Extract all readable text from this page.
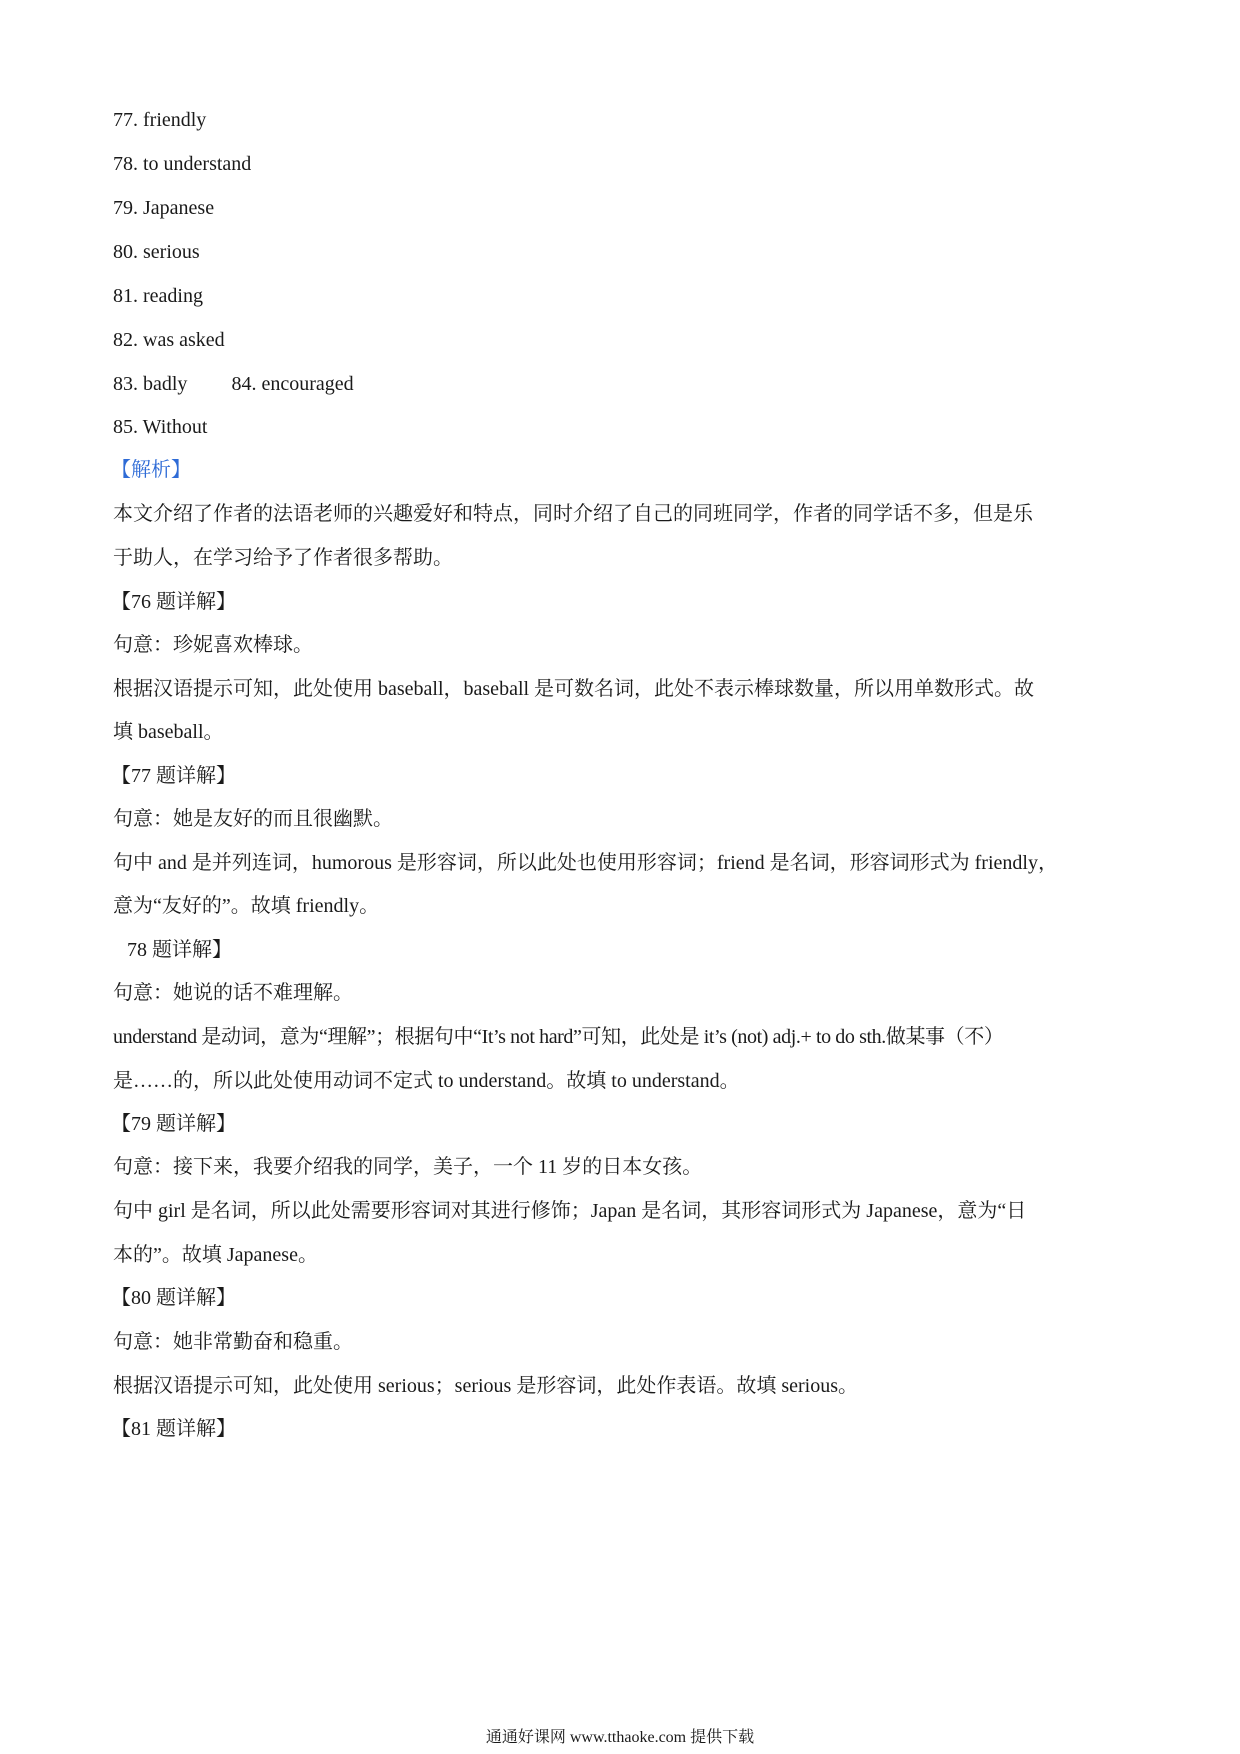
77. friendly
78. to understand
79. Japanese
80. serious
81. reading
82. was asked
83. badly 84. encouraged
85. Without
【解析】
本文介绍了作者的法语老师的兴趣爱好和特点，同时介绍了自己的同班同学，作者的同学话不多，但是乐
于助人，在学习给予了作者很多帮助。
【76 题详解】
句意：珍妮喜欢棒球。
根据汉语提示可知，此处使用 baseball，baseball 是可数名词，此处不表示棒球数量，所以用单数形式。故
填 baseball。
【77 题详解】
句意：她是友好的而且很幽默。
句中 and 是并列连词，humorous 是形容词，所以此处也使用形容词；friend 是名词，形容词形式为 friendly，
意为“友好的”。故填 friendly。
78 题详解】
句意：她说的话不难理解。
understand 是动词，意为“理解”；根据句中“It’s not hard”可知，此处是 it’s (not) adj.+ to do sth.做某事（不）
是……的，所以此处使用动词不定式 to understand。故填 to understand。
【79 题详解】
句意：接下来，我要介绍我的同学，美子，一个 11 岁的日本女孩。
句中 girl 是名词，所以此处需要形容词对其进行修饰；Japan 是名词，其形容词形式为 Japanese，意为“日
本的”。故填 Japanese。
【80 题详解】
句意：她非常勤奋和稳重。
根据汉语提示可知，此处使用 serious；serious 是形容词，此处作表语。故填 serious。
【81 题详解】
通通好课网 www.tthaoke.com 提供下载
